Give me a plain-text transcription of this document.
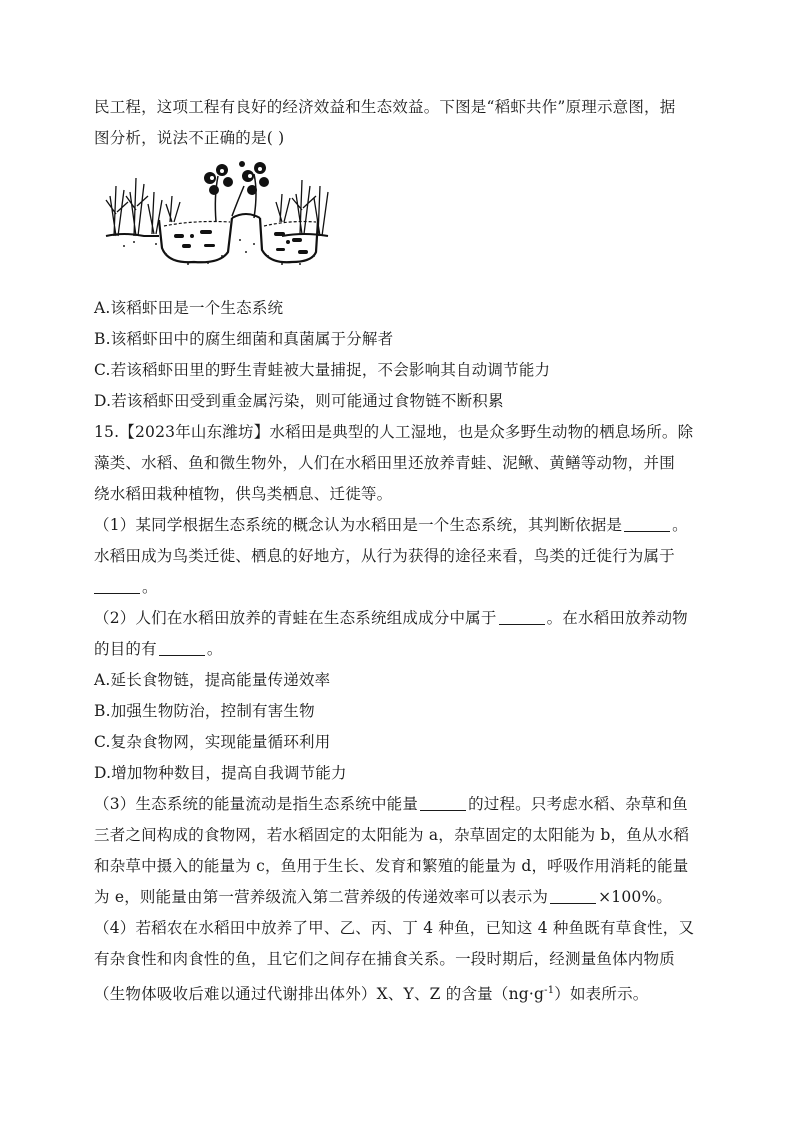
民工程，这项工程有良好的经济效益和生态效益。下图是“稻虾共作”原理示意图，据
图分析，说法不正确的是( )
A.该稻虾田是一个生态系统
B.该稻虾田中的腐生细菌和真菌属于分解者
C.若该稻虾田里的野生青蛙被大量捕捉，不会影响其自动调节能力
D.若该稻虾田受到重金属污染，则可能通过食物链不断积累
15.【2023年山东潍坊】水稻田是典型的人工湿地，也是众多野生动物的栖息场所。除
藻类、水稻、鱼和微生物外，人们在水稻田里还放养青蛙、泥鳅、黄鳝等动物，并围
绕水稻田栽种植物，供鸟类栖息、迁徙等。
（1）某同学根据生态系统的概念认为水稻田是一个生态系统，其判断依据是	。
水稻田成为鸟类迁徙、栖息的好地方，从行为获得的途径来看，鸟类的迁徙行为属于
。
（2）人们在水稻田放养的青蛙在生态系统组成成分中属于	。在水稻田放养动物
的目的有	。
A.延长食物链，提高能量传递效率
B.加强生物防治，控制有害生物
C.复杂食物网，实现能量循环利用
D.增加物种数目，提高自我调节能力
（3）生态系统的能量流动是指生态系统中能量	的过程。只考虑水稻、杂草和鱼
三者之间构成的食物网，若水稻固定的太阳能为 a，杂草固定的太阳能为 b，鱼从水稻
和杂草中摄入的能量为 c，鱼用于生长、发育和繁殖的能量为 d，呼吸作用消耗的能量
为 e，则能量由第一营养级流入第二营养级的传递效率可以表示为	×100%。
（4）若稻农在水稻田中放养了甲、乙、丙、丁 4 种鱼，已知这 4 种鱼既有草食性，又
有杂食性和肉食性的鱼，且它们之间存在捕食关系。一段时期后，经测量鱼体内物质
（生物体吸收后难以通过代谢排出体外）X、Y、Z 的含量$(ng\cdot g^{-1})$如表所示。
